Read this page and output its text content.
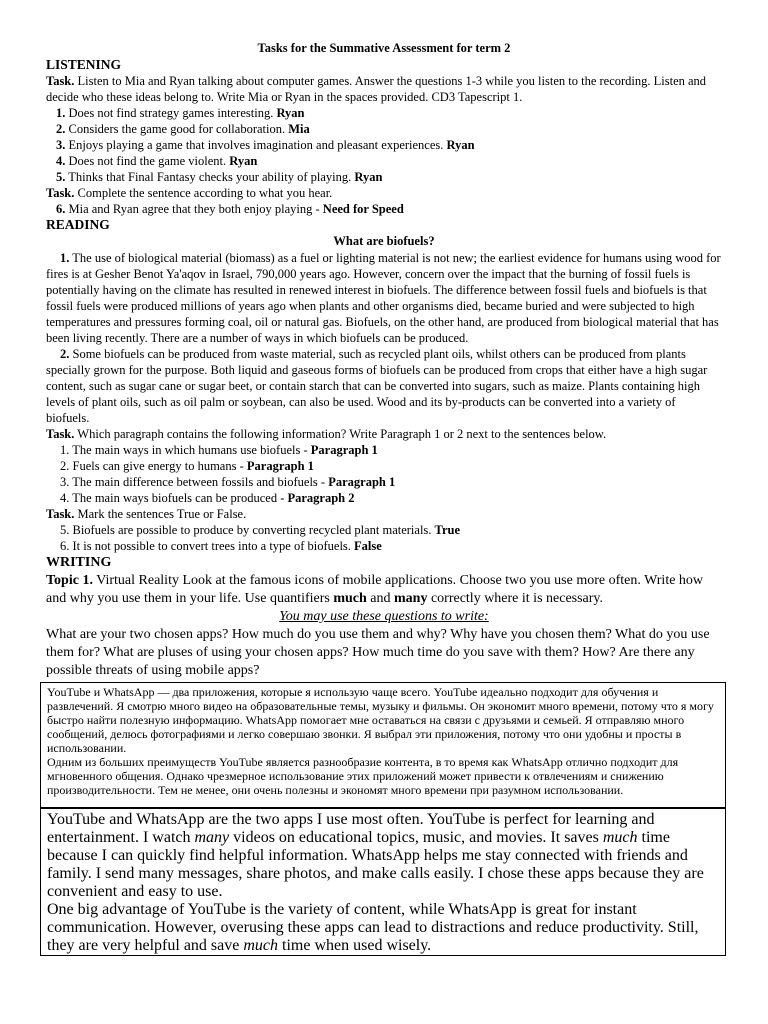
Tasks for the Summative Assessment for term 2

LISTENING

Task. Listen to Mia and Ryan talking about computer games. Answer the questions 1-3 while you listen to the recording. Listen and decide who these ideas belong to. Write Mia or Ryan in the spaces provided. CD3 Tapescript 1.

1. Does not find strategy games interesting. Ryan

2. Considers the game good for collaboration. Mia

3. Enjoys playing a game that involves imagination and pleasant experiences. Ryan

4. Does not find the game violent. Ryan

5. Thinks that Final Fantasy checks your ability of playing. Ryan

Task. Complete the sentence according to what you hear.

6. Mia and Ryan agree that they both enjoy playing - Need for Speed

READING

What are biofuels?

1. The use of biological material (biomass) as a fuel or lighting material is not new; the earliest evidence for humans using wood for fires is at Gesher Benot Ya'aqov in Israel, 790,000 years ago. However, concern over the impact that the burning of fossil fuels is potentially having on the climate has resulted in renewed interest in biofuels. The difference between fossil fuels and biofuels is that fossil fuels were produced millions of years ago when plants and other organisms died, became buried and were subjected to high temperatures and pressures forming coal, oil or natural gas. Biofuels, on the other hand, are produced from biological material that has been living recently. There are a number of ways in which biofuels can be produced.

2. Some biofuels can be produced from waste material, such as recycled plant oils, whilst others can be produced from plants specially grown for the purpose. Both liquid and gaseous forms of biofuels can be produced from crops that either have a high sugar content, such as sugar cane or sugar beet, or contain starch that can be converted into sugars, such as maize. Plants containing high levels of plant oils, such as oil palm or soybean, can also be used. Wood and its by-products can be converted into a variety of biofuels.

Task. Which paragraph contains the following information? Write Paragraph 1 or 2 next to the sentences below.

1. The main ways in which humans use biofuels - Paragraph 1

2. Fuels can give energy to humans - Paragraph 1

3. The main difference between fossils and biofuels - Paragraph 1

4. The main ways biofuels can be produced - Paragraph 2

Task. Mark the sentences True or False.

5. Biofuels are possible to produce by converting recycled plant materials. True

6. It is not possible to convert trees into a type of biofuels. False

WRITING

Topic 1. Virtual Reality Look at the famous icons of mobile applications. Choose two you use more often. Write how and why you use them in your life. Use quantifiers much and many correctly where it is necessary.

You may use these questions to write:

What are your two chosen apps? How much do you use them and why? Why have you chosen them? What do you use them for? What are pluses of using your chosen apps? How much time do you save with them? How? Are there any possible threats of using mobile apps?

YouTube и WhatsApp — два приложения, которые я использую чаще всего. YouTube идеально подходит для обучения и развлечений. Я смотрю много видео на образовательные темы, музыку и фильмы. Он экономит много времени, потому что я могу быстро найти полезную информацию. WhatsApp помогает мне оставаться на связи с друзьями и семьей. Я отправляю много сообщений, делюсь фотографиями и легко совершаю звонки. Я выбрал эти приложения, потому что они удобны и просты в использовании.
Одним из больших преимуществ YouTube является разнообразие контента, в то время как WhatsApp отлично подходит для мгновенного общения. Однако чрезмерное использование этих приложений может привести к отвлечениям и снижению производительности. Тем не менее, они очень полезны и экономят много времени при разумном использовании.
YouTube and WhatsApp are the two apps I use most often. YouTube is perfect for learning and entertainment. I watch many videos on educational topics, music, and movies. It saves much time because I can quickly find helpful information. WhatsApp helps me stay connected with friends and family. I send many messages, share photos, and make calls easily. I chose these apps because they are convenient and easy to use.
One big advantage of YouTube is the variety of content, while WhatsApp is great for instant communication. However, overusing these apps can lead to distractions and reduce productivity. Still, they are very helpful and save much time when used wisely.
